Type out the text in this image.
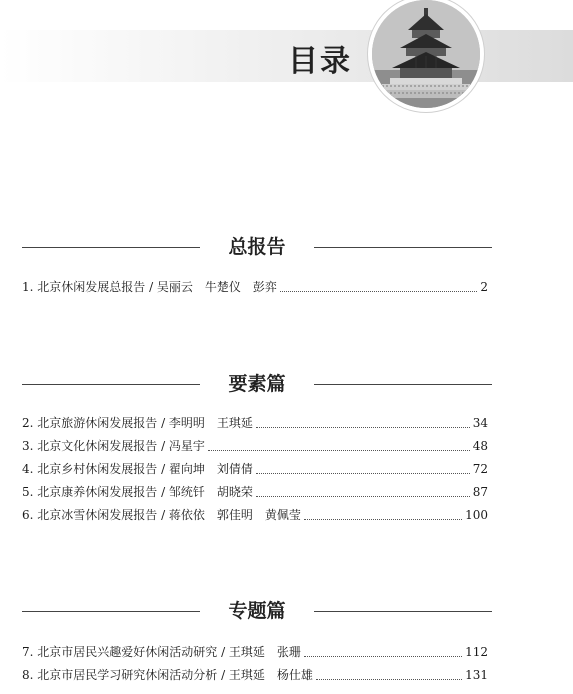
目录
总报告
1. 北京休闲发展总报告 / 吴丽云　牛楚仪　彭弈	2
要素篇
2. 北京旅游休闲发展报告 / 李明明　王琪延	34
3. 北京文化休闲发展报告 / 冯星宇	48
4. 北京乡村休闲发展报告 / 翟向坤　刘倩倩	72
5. 北京康养休闲发展报告 / 邹统钎　胡晓荣	87
6. 北京冰雪休闲发展报告 / 蒋依依　郭佳明　黄佩莹	100
专题篇
7. 北京市居民兴趣爱好休闲活动研究 / 王琪延　张珊	112
8. 北京市居民学习研究休闲活动分析 / 王琪延　杨仕雄	131
